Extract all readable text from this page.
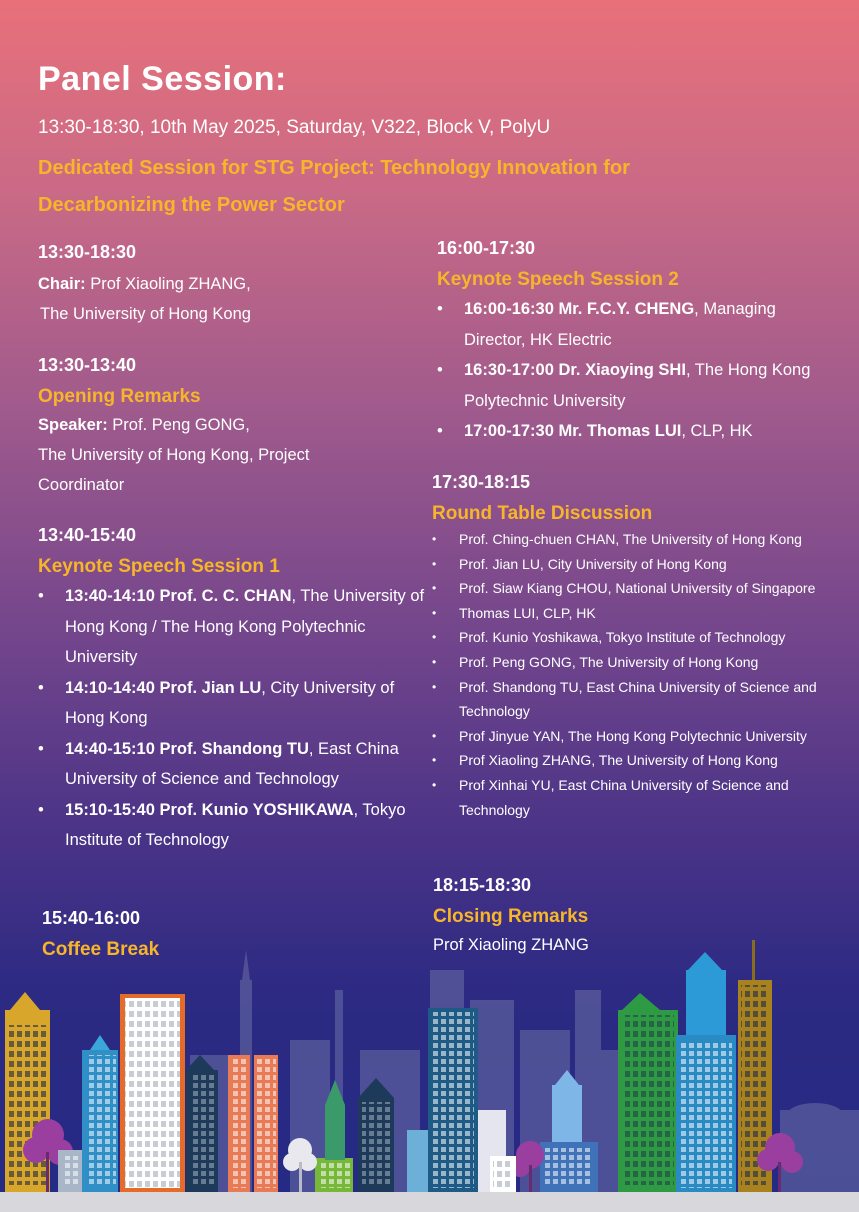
Panel Session:
13:30-18:30, 10th May 2025, Saturday, V322, Block V, PolyU
Dedicated Session for STG Project: Technology Innovation for Decarbonizing the Power Sector
13:30-18:30
Chair: Prof Xiaoling ZHANG,
The University of Hong Kong
13:30-13:40
Opening Remarks
Speaker: Prof. Peng GONG,
The University of Hong Kong, Project Coordinator
13:40-15:40
Keynote Speech Session 1
• 13:40-14:10 Prof. C. C. CHAN, The University of Hong Kong / The Hong Kong Polytechnic University
• 14:10-14:40 Prof. Jian LU, City University of Hong Kong
• 14:40-15:10 Prof. Shandong TU, East China University of Science and Technology
• 15:10-15:40 Prof. Kunio YOSHIKAWA, Tokyo Institute of Technology
15:40-16:00
Coffee Break
16:00-17:30
Keynote Speech Session 2
• 16:00-16:30 Mr. F.C.Y. CHENG, Managing Director, HK Electric
• 16:30-17:00 Dr. Xiaoying SHI, The Hong Kong Polytechnic University
• 17:00-17:30 Mr. Thomas LUI, CLP, HK
17:30-18:15
Round Table Discussion
• Prof. Ching-chuen CHAN, The University of Hong Kong
• Prof. Jian LU, City University of Hong Kong
• Prof. Siaw Kiang CHOU, National University of Singapore
• Thomas LUI, CLP, HK
• Prof. Kunio Yoshikawa, Tokyo Institute of Technology
• Prof. Peng GONG, The University of Hong Kong
• Prof. Shandong TU, East China University of Science and Technology
• Prof Jinyue YAN, The Hong Kong Polytechnic University
• Prof Xiaoling ZHANG, The University of Hong Kong
• Prof Xinhai YU, East China University of Science and Technology
18:15-18:30
Closing Remarks
Prof Xiaoling ZHANG
